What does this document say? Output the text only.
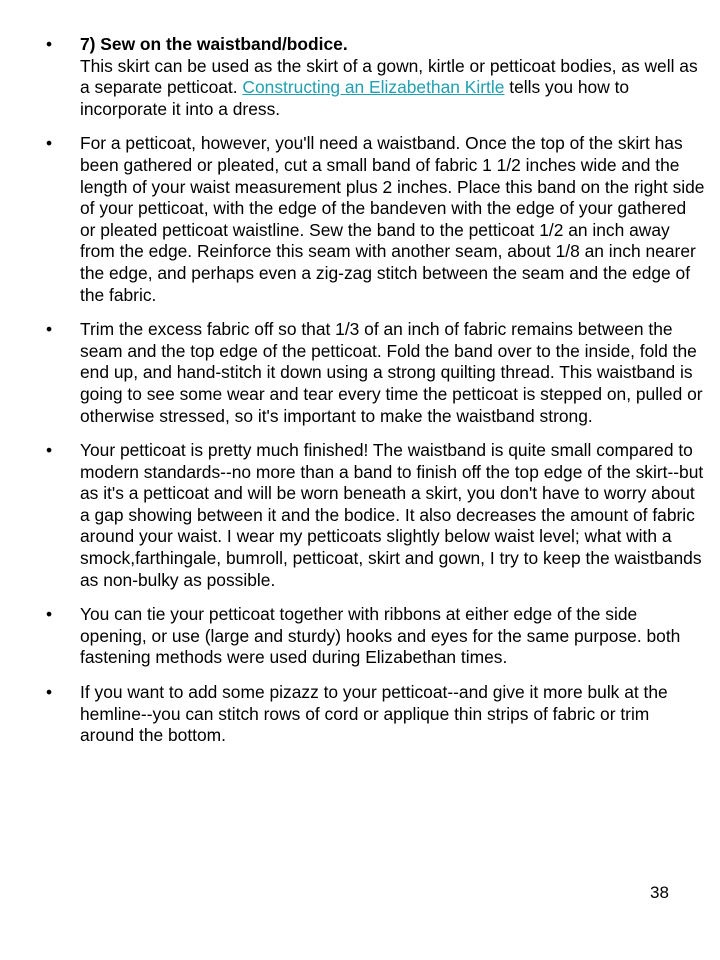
•	7) Sew on the waistband/bodice.
This skirt can be used as the skirt of a gown, kirtle or petticoat bodies, as well as a separate petticoat. Constructing an Elizabethan Kirtle tells you how to incorporate it into a dress.
•	For a petticoat, however, you'll need a waistband. Once the top of the skirt has been gathered or pleated, cut a small band of fabric 1 1/2 inches wide and the length of your waist measurement plus 2 inches. Place this band on the right side of your petticoat, with the edge of the bandeven with the edge of your gathered or pleated petticoat waistline. Sew the band to the petticoat 1/2 an inch away from the edge. Reinforce this seam with another seam, about 1/8 an inch nearer the edge, and perhaps even a zig-zag stitch between the seam and the edge of the fabric.
•	Trim the excess fabric off so that 1/3 of an inch of fabric remains between the seam and the top edge of the petticoat. Fold the band over to the inside, fold the end up, and hand-stitch it down using a strong quilting thread. This waistband is going to see some wear and tear every time the petticoat is stepped on, pulled or otherwise stressed, so it's important to make the waistband strong.
•	Your petticoat is pretty much finished! The waistband is quite small compared to modern standards--no more than a band to finish off the top edge of the skirt--but as it's a petticoat and will be worn beneath a skirt, you don't have to worry about a gap showing between it and the bodice. It also decreases the amount of fabric around your waist. I wear my petticoats slightly below waist level; what with a smock,farthingale, bumroll, petticoat, skirt and gown, I try to keep the waistbands as non-bulky as possible.
•	You can tie your petticoat together with ribbons at either edge of the side opening, or use (large and sturdy) hooks and eyes for the same purpose. both fastening methods were used during Elizabethan times.
•	If you want to add some pizazz to your petticoat--and give it more bulk at the hemline--you can stitch rows of cord or applique thin strips of fabric or trim around the bottom.
38
